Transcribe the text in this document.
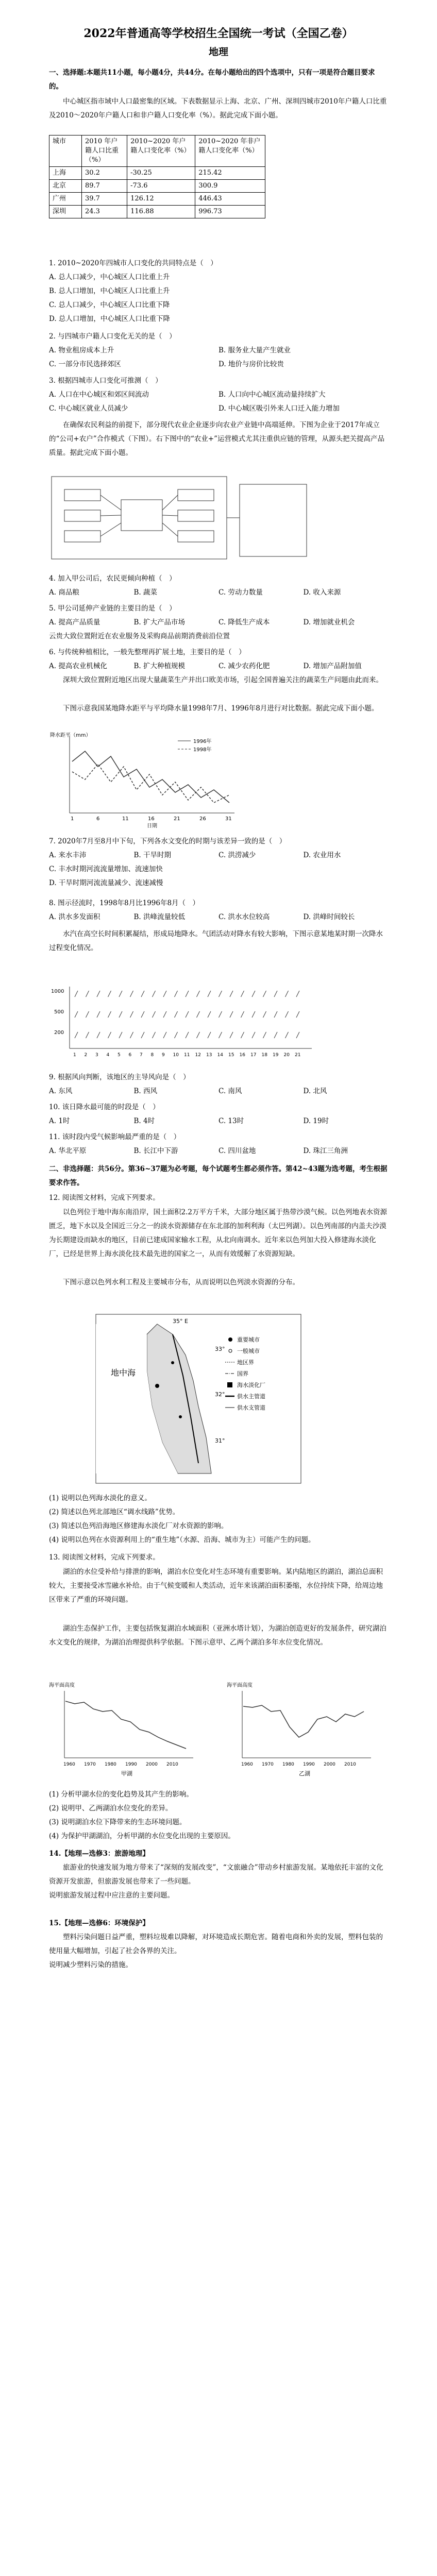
2022年普通高等学校招生全国统一考试（全国乙卷）
地理
一、选择题:本题共11小题，每小题4分，共44分。在每小题给出的四个选项中，只有一项是符合题目要求的。
中心城区指市域中人口最密集的区域。下表数据显示上海、北京、广州、深圳四城市2010年户籍人口比重及2010～2020年户籍人口和非户籍人口变化率（%）。据此完成下面小题。
城市	2010 年户籍人口比重（%）	2010~2020 年户籍人口变化率（%）	2010~2020 年非户籍人口变化率（%）
上海	30.2	-30.25	215.42
北京	89.7	-73.6	300.9
广州	39.7	126.12	446.43
深圳	24.3	116.88	996.73
1. 2010~2020年四城市人口变化的共同特点是（　）
A. 总人口减少，中心城区人口比重上升
B. 总人口增加，中心城区人口比重上升
C. 总人口减少，中心城区人口比重下降
D. 总人口增加，中心城区人口比重下降
2. 与四城市户籍人口变化无关的是（　）
A. 物业租房成本上升	B. 服务业大量产生就业
C. 一部分市民选择郊区	D. 地价与房价比较贵
3. 根据四城市人口变化可推测（　）
A. 人口在中心城区和郊区间流动	B. 人口向中心城区流动量持续扩大
C. 中心城区就业人员减少	D. 中心城区吸引外来人口迁入能力增加
在确保农民利益的前提下，部分现代农业企业逐步向农业产业链中高端延伸。下图为企业于2017年成立的“公司+农户”合作模式（下图）。右下图中的“农业+”运营模式尤其注重供应链的管理，从源头把关提高产品质量。据此完成下面小题。
4. 加入甲公司后，农民更倾向种植（　）
A. 商品粮	B. 蔬菜	C. 劳动力数量	D. 收入来源
5. 甲公司延伸产业链的主要目的是（　）
A. 提高产品质量	B. 扩大产品市场	C. 降低生产成本	D. 增加就业机会
云贵大致位置附近在农业服务及采购商品前期消费前沿位置
6. 与传统种植相比，一般先整理再扩展土地，主要目的是（　）
A. 提高农业机械化	B. 扩大种植规模	C. 减少农药化肥	D. 增加产品附加值
深圳大致位置附近地区出现大量蔬菜生产并出口欧美市场，引起全国普遍关注的蔬菜生产问题由此而来。
下图示意我国某地降水距平与平均降水量1998年7月、1996年8月进行对比数据。据此完成下面小题。
降水距平（mm）
1996年
1998年
1	6	11	16	21	26	31
日期
7. 2020年7月至8月中下旬，下列各水文变化的时期与该差异一致的是（　）
A. 来水丰沛	B. 干旱时期	C. 洪涝减少	D. 农业用水
C. 丰水时期河流流量增加、流速加快
D. 干旱时期河流流量减少、流速减慢
8. 图示径流时，1998年8月比1996年8月（　）
A. 洪水多发面积	B. 洪峰流量较低	C. 洪水水位较高	D. 洪峰时间较长
水汽在高空长时间积累凝结，形成局地降水。气团活动对降水有较大影响，下图示意某地某时期一次降水过程变化情况。
1000
500
200
1 2 3 4 5 6 7 8 9 10 11 12 13 14 15 16 17 18 19 20 21
9. 根据风向判断，该地区的主导风向是（　）
A. 东风	B. 西风	C. 南风	D. 北风
10. 该日降水最可能的时段是（　）
A. 1时	B. 4时	C. 13时	D. 19时
11. 该时段内受气候影响最严重的是（　）
A. 华北平原	B. 长江中下游	C. 四川盆地	D. 珠江三角洲
二、非选择题：共56分。第36~37题为必考题，每个试题考生都必须作答。第42~43题为选考题，考生根据要求作答。
12. 阅读图文材料，完成下列要求。
以色列位于地中海东南沿岸，国土面积2.2万平方千米，大部分地区属于热带沙漠气候。以色列地表水资源匮乏，地下水以及全国近三分之一的淡水资源储存在东北部的加利利海（太巴列湖）。以色列南部的内盖夫沙漠为长期建设而缺水的地区，目前已建成国家输水工程，从北向南调水。近年来以色列加大投入修建海水淡化厂，已经是世界上海水淡化技术最先进的国家之一，从而有效缓解了水资源短缺。
下图示意以色列水利工程及主要城市分布，从而说明以色列淡水资源的分布。
35° E
33°
32°
31°
地中海
重要城市
一般城市
地区界
国界
海水淡化厂
供水主管道
供水支管道
(1) 说明以色列海水淡化的意义。
(2) 简述以色列北部地区“调水线路”优势。
(3) 简述以色列沿海地区修建海水淡化厂对水资源的影响。
(4) 说明以色列在水资源利用上的“重生地”（水源、沿海、城市为主）可能产生的问题。
13. 阅读图文材料，完成下列要求。
湖泊的水位受补给与排泄的影响，湖泊水位变化对生态环境有重要影响。某内陆地区的湖泊，湖泊总面积较大，主要接受冰雪融水补给。由于气候变暖和人类活动，近年来该湖泊面积萎缩，水位持续下降，给周边地区带来了严重的环境问题。
湖泊生态保护工作，主要包括恢复湖泊水域面积（亚洲水塔计划），为湖泊创造更好的发展条件，研究湖泊水文变化的规律，为湖泊治理提供科学依据。下图示意甲、乙两个湖泊多年水位变化情况。
海平面高度
1960 1970 1980 1990 2000 2010
甲湖
海平面高度
1960 1970 1980 1990 2000 2010
乙湖
(1) 分析甲湖水位的变化趋势及其产生的影响。
(2) 说明甲、乙两湖泊水位变化的差异。
(3) 说明湖泊水位下降带来的生态环境问题。
(4) 为保护甲湖湖泊，分析甲湖的水位变化出现的主要原因。
14.【地理—选修3：旅游地理】
旅游业的快速发展为地方带来了“深刻的发展改变”，“文旅融合”带动乡村旅游发展。某地依托丰富的文化资源开发旅游，但旅游发展也带来了一些问题。
说明旅游发展过程中应注意的主要问题。
15.【地理—选修6：环境保护】
塑料污染问题日益严重，塑料垃圾难以降解，对环境造成长期危害。随着电商和外卖的发展，塑料包装的使用量大幅增加，引起了社会各界的关注。
说明减少塑料污染的措施。
